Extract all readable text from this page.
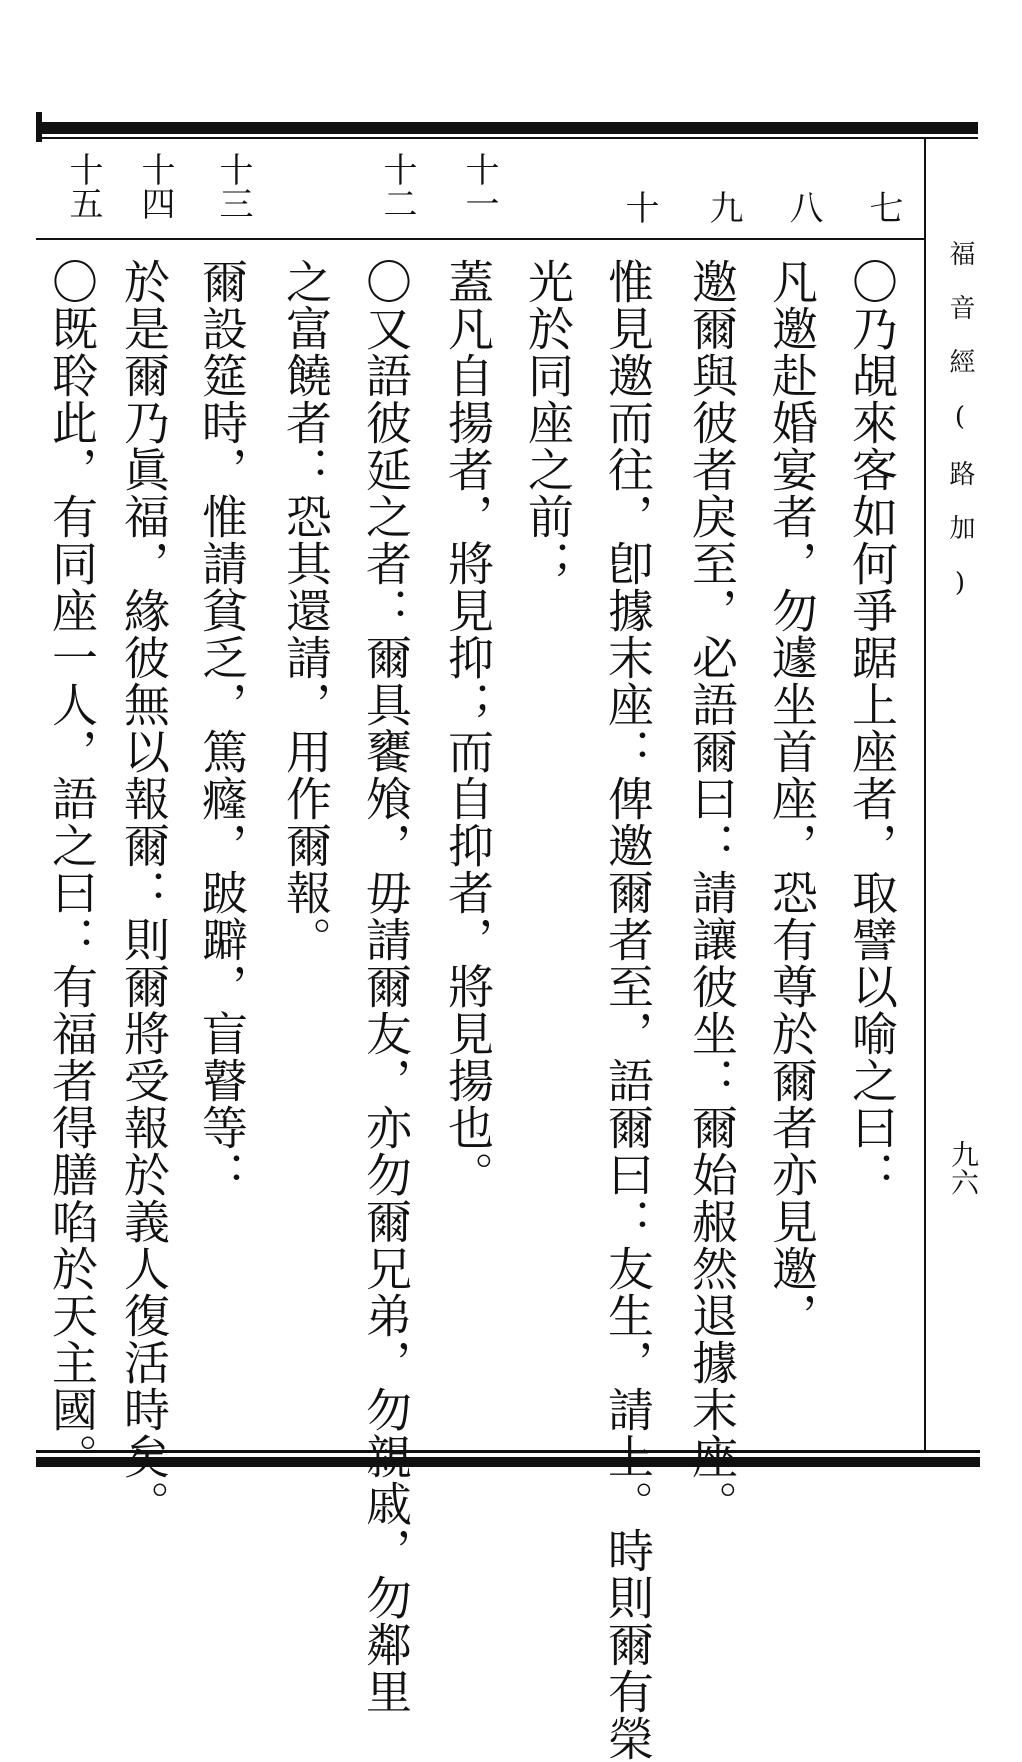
福音經(路加)
九六
七
八
九
十
十一
十二
十三
十四
十五
〇乃覘來客如何爭踞上座者，取譬以喻之曰：
凡邀赴婚宴者，勿遽坐首座，恐有尊於爾者亦見邀，
邀爾與彼者戾至，必語爾曰：請讓彼坐：爾始赧然退據末座。
惟見邀而往，卽據末座：俾邀爾者至，語爾曰：友生，請上。時則爾有榮
光於同座之前；
蓋凡自揚者，將見抑；而自抑者，將見揚也。
〇又語彼延之者：爾具饔飧，毋請爾友，亦勿爾兄弟，勿親戚，勿鄰里
之富饒者：恐其還請，用作爾報。
爾設筵時，惟請貧乏，篤癃，跛躃，盲瞽等：
於是爾乃眞福，緣彼無以報爾：則爾將受報於義人復活時矣。
〇既聆此，有同座一人，語之曰：有福者得膳啗於天主國。
